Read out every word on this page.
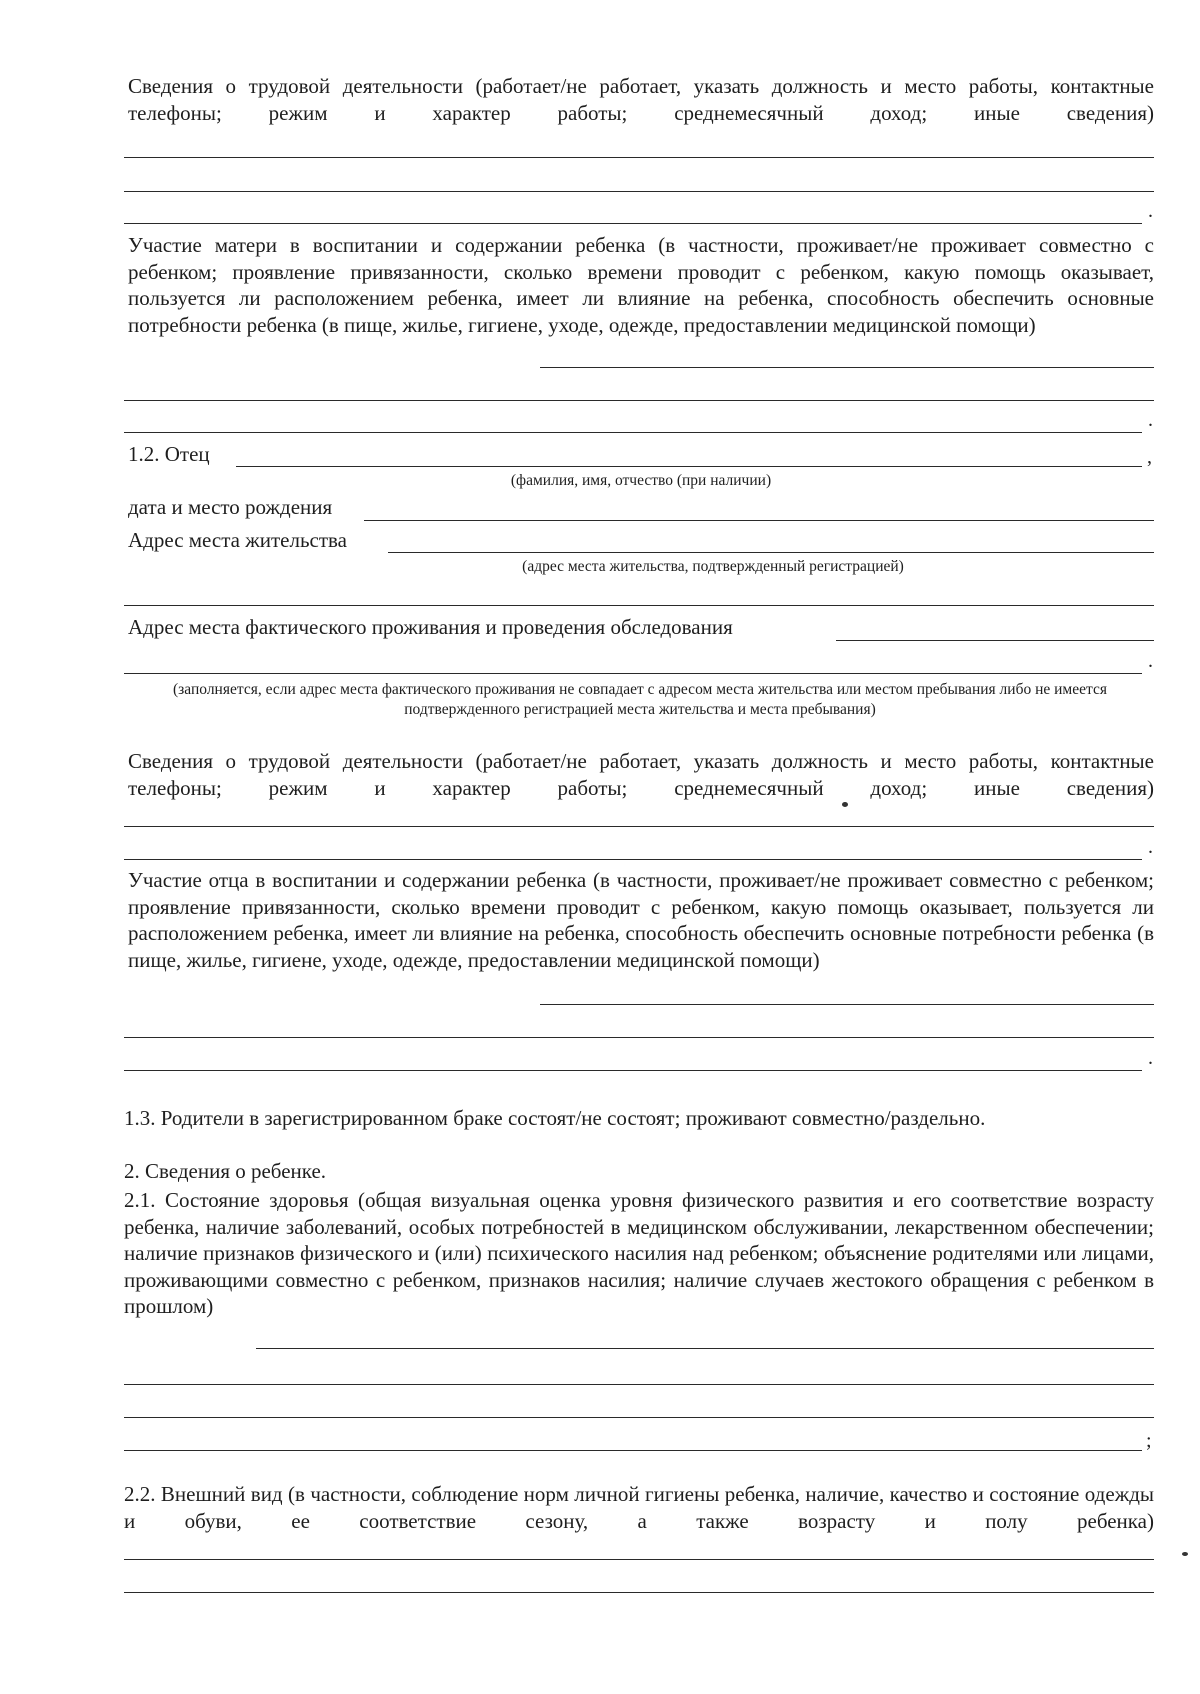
Сведения о трудовой деятельности (работает/не работает, указать должность и место работы, контактные телефоны; режим и характер работы; среднемесячный доход; иные сведения)

.

Участие матери в воспитании и содержании ребенка (в частности, проживает/не проживает совместно с ребенком; проявление привязанности, сколько времени проводит с ребенком, какую помощь оказывает, пользуется ли расположением ребенка, имеет ли влияние на ребенка, способность обеспечить основные потребности ребенка (в пище, жилье, гигиене, уходе, одежде, предоставлении медицинской помощи)

.
1.2. Отец	,
(фамилия, имя, отчество (при наличии)
дата и место рождения
Адрес места жительства
(адрес места жительства, подтвержденный регистрацией)
Адрес места фактического проживания и проведения обследования
.
(заполняется, если адрес места фактического проживания не совпадает с адресом места жительства или местом пребывания либо не имеется подтвержденного регистрацией места жительства и места пребывания)

Сведения о трудовой деятельности (работает/не работает, указать должность и место работы, контактные телефоны; режим и характер работы; среднемесячный доход; иные сведения)

.

Участие отца в воспитании и содержании ребенка (в частности, проживает/не проживает совместно с ребенком; проявление привязанности, сколько времени проводит с ребенком, какую помощь оказывает, пользуется ли расположением ребенка, имеет ли влияние на ребенка, способность обеспечить основные потребности ребенка (в пище, жилье, гигиене, уходе, одежде, предоставлении медицинской помощи)

.
1.3. Родители в зарегистрированном браке состоят/не состоят; проживают совместно/раздельно.
2. Сведения о ребенке.

2.1. Состояние здоровья (общая визуальная оценка уровня физического развития и его соответствие возрасту ребенка, наличие заболеваний, особых потребностей в медицинском обслуживании, лекарственном обеспечении; наличие признаков физического и (или) психического насилия над ребенком; объяснение родителями или лицами, проживающими совместно с ребенком, признаков насилия; наличие случаев жестокого обращения с ребенком в прошлом)

;

2.2. Внешний вид (в частности, соблюдение норм личной гигиены ребенка, наличие, качество и состояние одежды и обуви, ее соответствие сезону, а также возрасту и полу ребенка)
